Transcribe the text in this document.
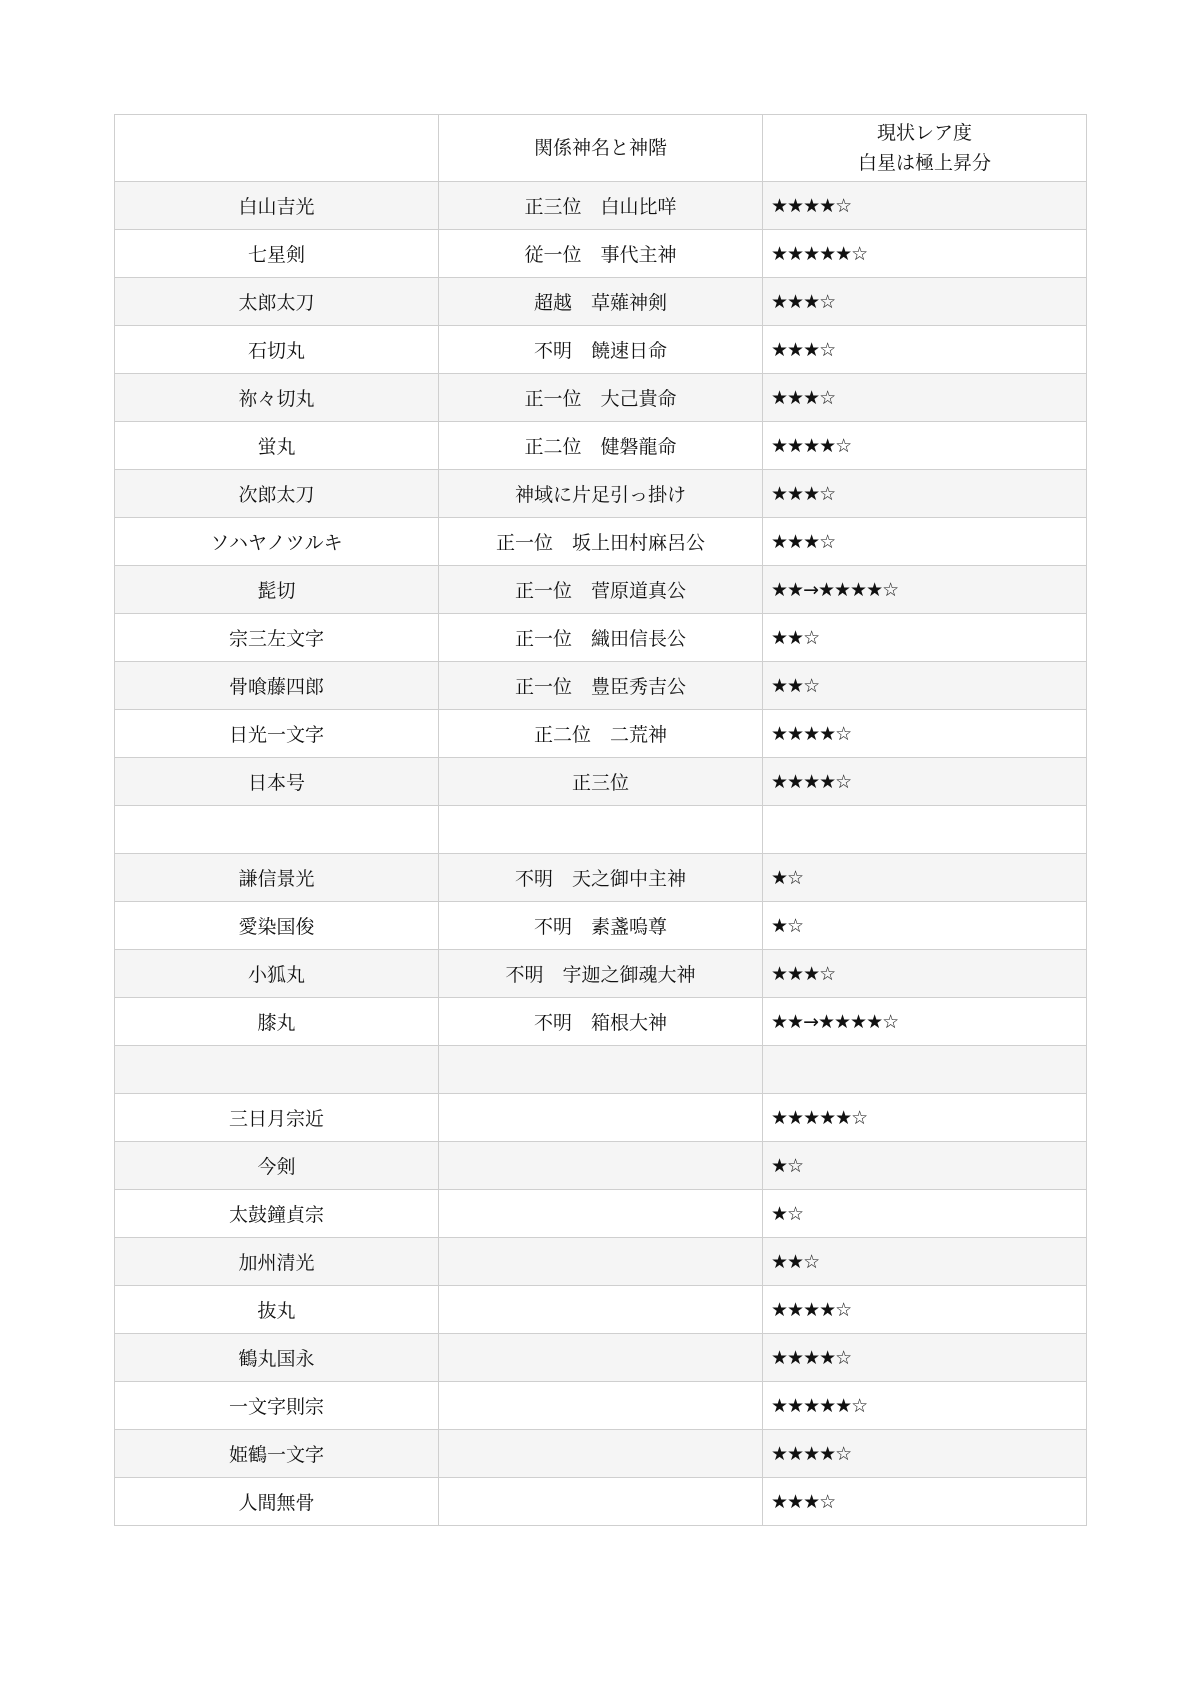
	関係神名と神階	現状レア度
白星は極上昇分

白山吉光	正三位　白山比咩	★★★★☆
七星剣	従一位　事代主神	★★★★★☆
太郎太刀	超越　草薙神剣	★★★☆
石切丸	不明　饒速日命	★★★☆
祢々切丸	正一位　大己貴命	★★★☆
蛍丸	正二位　健磐龍命	★★★★☆
次郎太刀	神域に片足引っ掛け	★★★☆
ソハヤノツルキ	正一位　坂上田村麻呂公	★★★☆
髭切	正一位　菅原道真公	★★→★★★★☆
宗三左文字	正一位　織田信長公	★★☆
骨喰藤四郎	正一位　豊臣秀吉公	★★☆
日光一文字	正二位　二荒神	★★★★☆
日本号	正三位	★★★★☆

謙信景光	不明　天之御中主神	★☆
愛染国俊	不明　素盞嗚尊	★☆
小狐丸	不明　宇迦之御魂大神	★★★☆
膝丸	不明　箱根大神	★★→★★★★☆

三日月宗近		★★★★★☆
今剣		★☆
太鼓鐘貞宗		★☆
加州清光		★★☆
抜丸		★★★★☆
鶴丸国永		★★★★☆
一文字則宗		★★★★★☆
姫鶴一文字		★★★★☆
人間無骨		★★★☆
